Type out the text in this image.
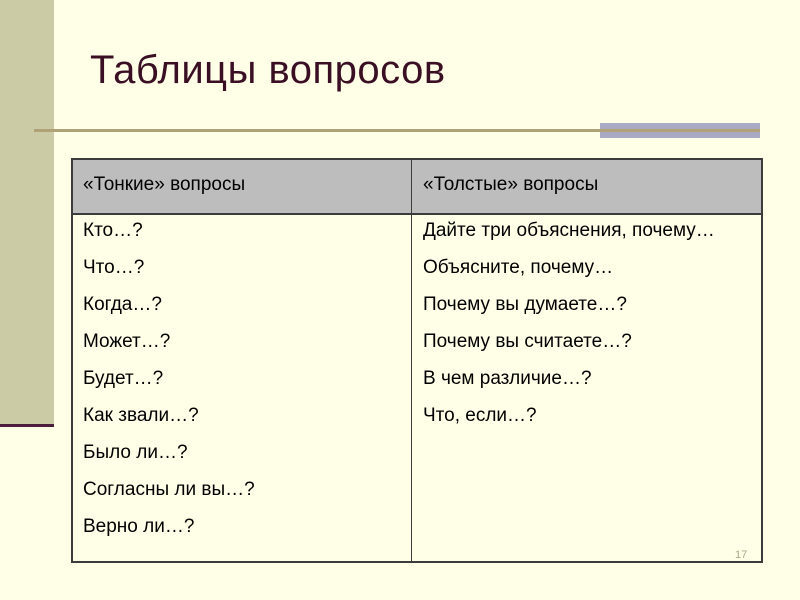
Таблицы вопросов
«Тонкие» вопросы	«Толстые» вопросы
Кто…?
Что…?
Когда…?
Может…?
Будет…?
Как звали…?
Было ли…?
Согласны ли вы…?
Верно ли…?
Дайте три объяснения, почему…
Объясните, почему…
Почему вы думаете…?
Почему вы считаете…?
В чем различие…?
Что, если…?
17
